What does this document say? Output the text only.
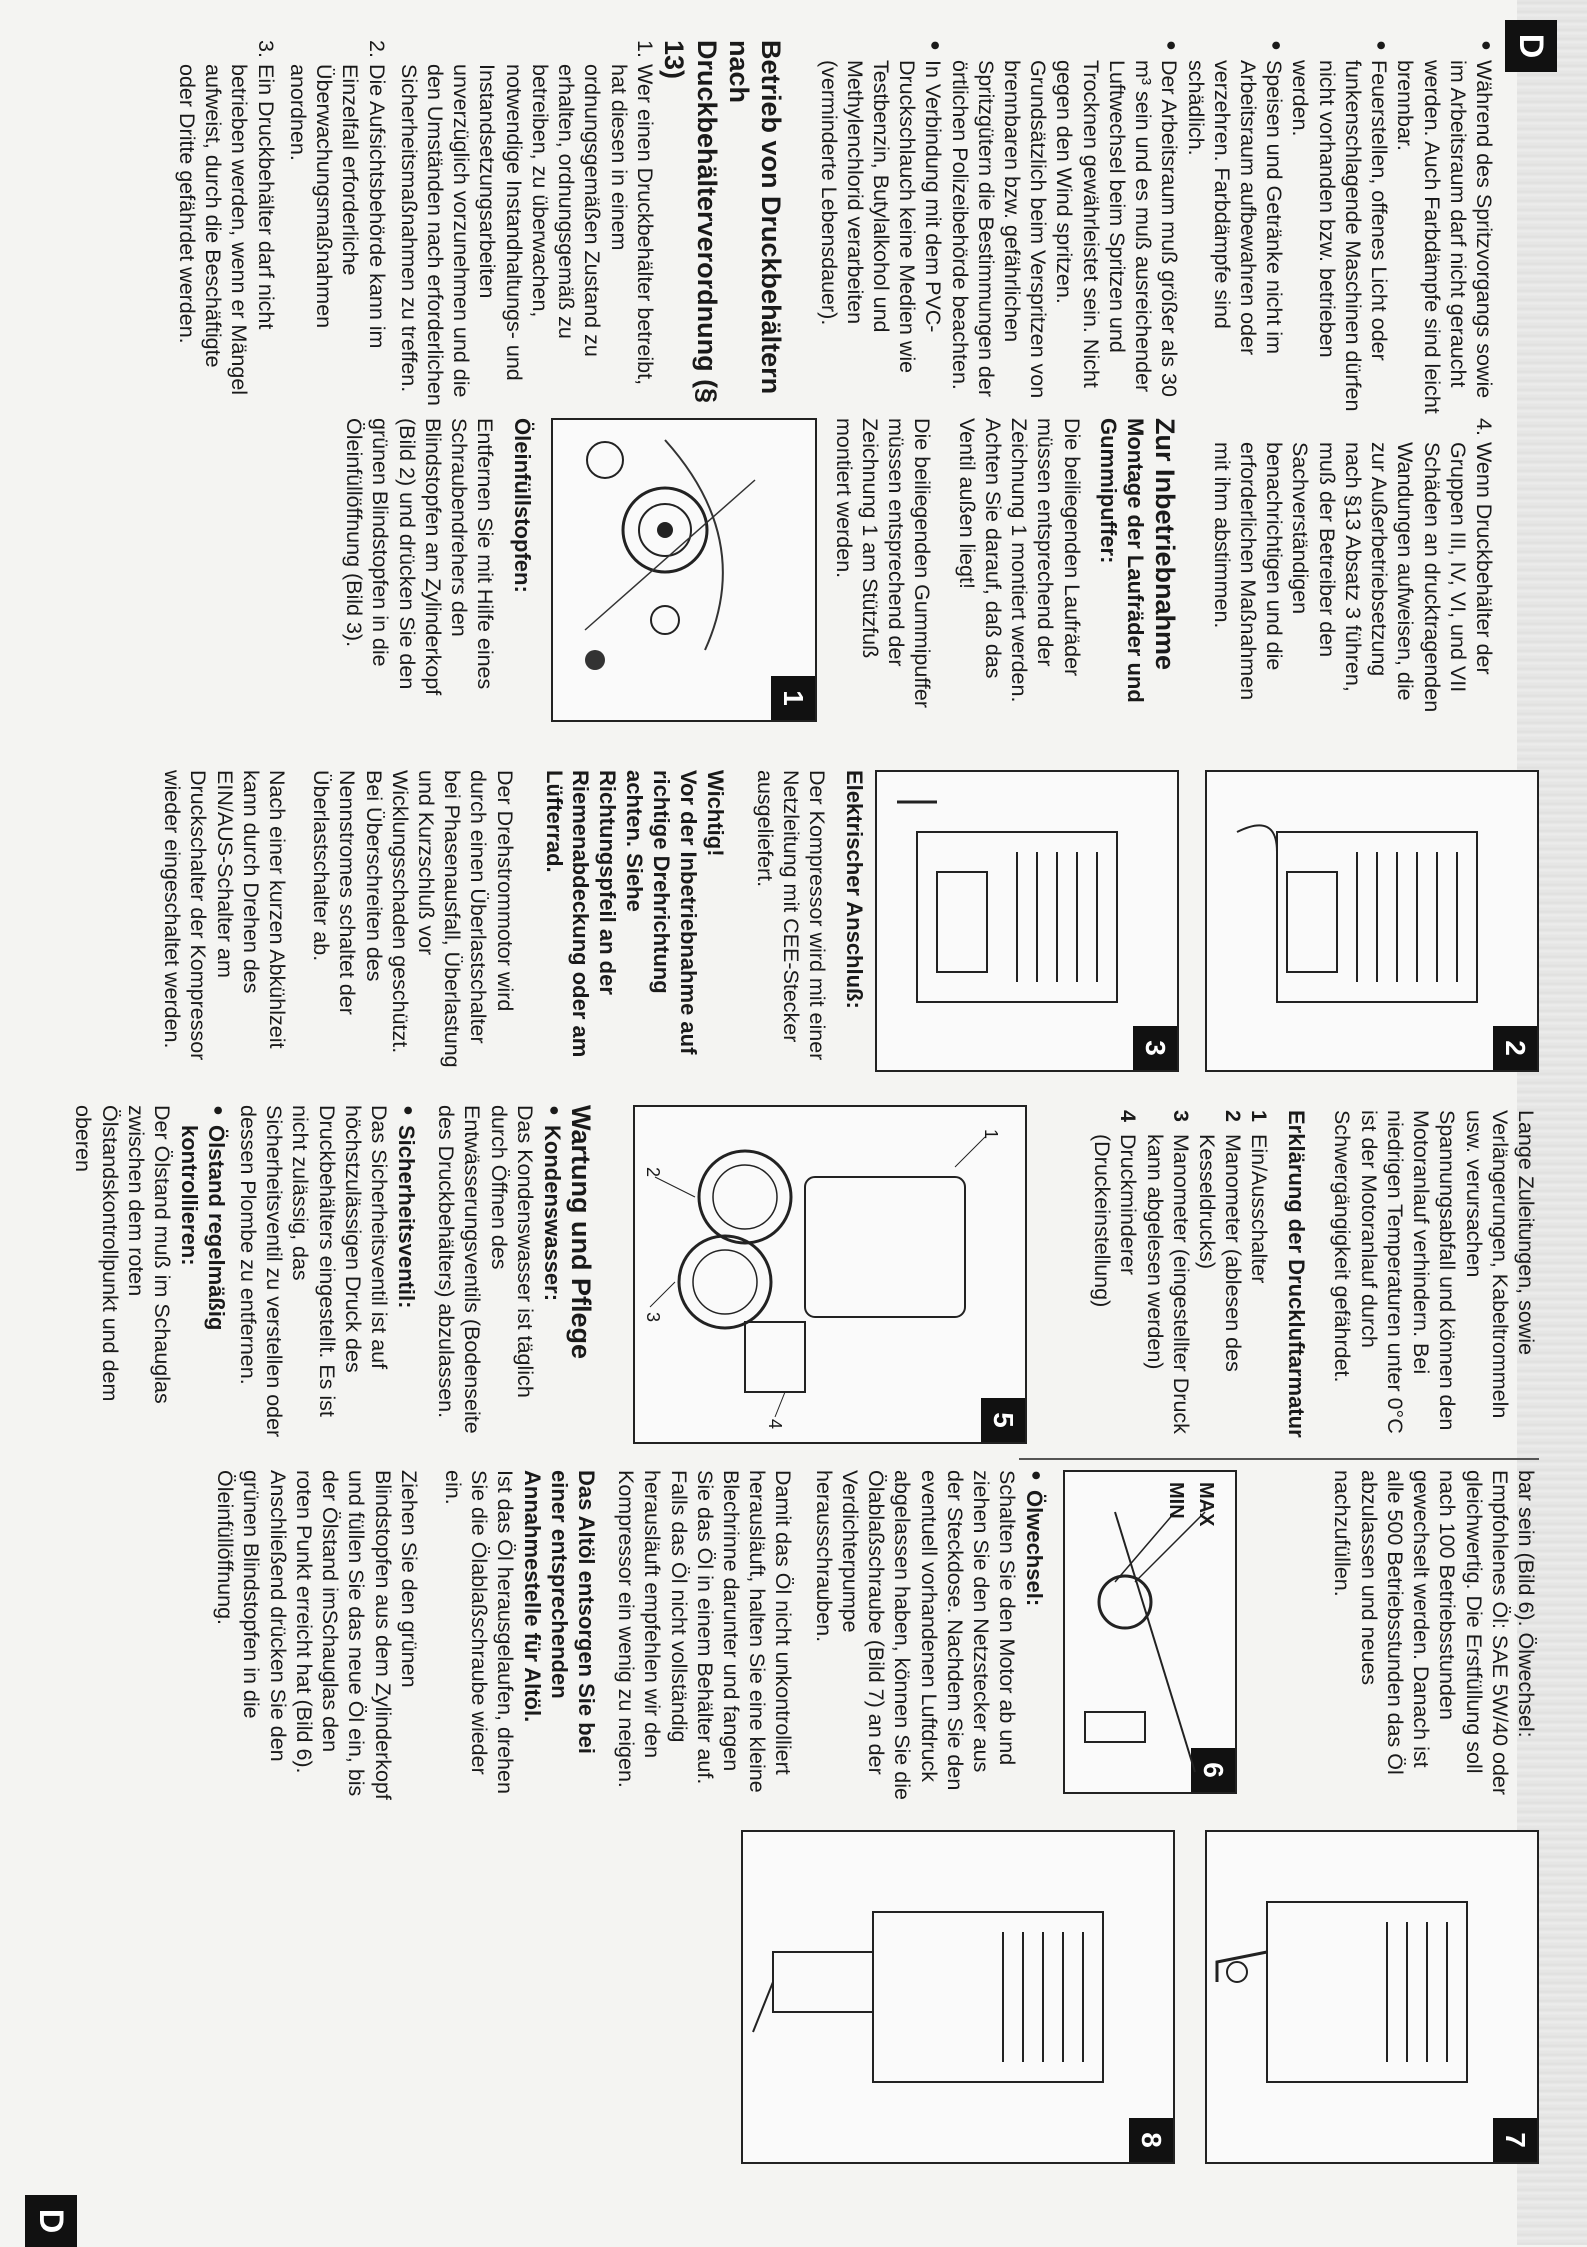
D
D

● Während des Spritzvorgangs sowie im Arbeitsraum darf nicht geraucht werden. Auch Farbdämpfe sind leicht brennbar.

● Feuerstellen, offenes Licht oder funkenschlagende Maschinen dürfen nicht vorhanden bzw. betrieben werden.

● Speisen und Getränke nicht im Arbeitsraum aufbewahren oder verzehren. Farbdämpfe sind schädlich.

● Der Arbeitsraum muß größer als 30 m³ sein und es muß ausreichender Luftwechsel beim Spritzen und Trocknen gewährleistet sein. Nicht gegen den Wind spritzen. Grundsätzlich beim Verspritzen von brennbaren bzw. gefährlichen Spritzgütern die Bestimmungen der örtlichen Polizeibehörde beachten.

● In Verbindung mit dem PVC-Druckschlauch keine Medien wie Testbenzin, Butylalkohol und Methylenchlorid verarbeiten (verminderte Lebensdauer).

Betrieb von Druckbehältern nach Druckbehälterverordnung (§ 13)

1.
Wer einen Druckbehälter betreibt, hat diesen in einem ordnungsgemäßen Zustand zu erhalten, ordnungsgemäß zu betreiben, zu überwachen, notwendige Instandhaltungs- und Instandsetzungsarbeiten unverzüglich vorzunehmen und die den Umständen nach erforderlichen Sicherheitsmaßnahmen zu treffen.

2.
Die Aufsichtsbehörde kann im Einzelfall erforderliche Überwachungsmaßnahmen anordnen.

3.
Ein Druckbehälter darf nicht betrieben werden, wenn er Mängel aufweist, durch die Beschäftigte oder Dritte gefährdet werden.

4.
Wenn Druckbehälter der Gruppen III, IV, VI, und VII Schäden an drucktragenden Wandungen aufweisen, die zur Außerbetriebsetzung nach §13 Absatz 3 führen, muß der Betreiber den Sachverständigen benachrichtigen und die erforderlichen Maßnahmen mit ihm abstimmen.

Zur Inbetriebnahme

Montage der Laufräder und Gummipuffer:

Die beiliegenden Laufräder müssen entsprechend der Zeichnung 1 montiert werden. Achten Sie darauf, daß das Ventil außen liegt!

Die beiliegenden Gummipuffer müssen entsprechend der Zeichnung 1 am Stützfuß montiert werden.

1

Öleinfüllstopfen:

Entfernen Sie mit Hilfe eines Schraubendrehers den Blindstopfen am Zylinderkopf (Bild 2) und drücken Sie den grünen Blindstopfen in die Öleinfüllöffnung (Bild 3).

2
3

Elektrischer Anschluß:

Der Kompressor wird mit einer Netzleitung mit CEE-Stecker ausgeliefert.

Wichtig!

Vor der Inbetriebnahme auf richtige Drehrichtung achten. Siehe Richtungspfeil an der Riemenabdeckung oder am Lüfterrad.

Der Drehstrommotor wird durch einen Überlastschalter bei Phasenausfall, Überlastung und Kurzschluß vor Wicklungsschaden geschützt. Bei Überschreiten des Nennstromes schaltet der Überlastschalter ab.

Nach einer kurzen Abkühlzeit kann durch Drehen des EIN/AUS-Schalter am Druckschalter der Kompressor wieder eingeschaltet werden.

Lange Zuleitungen, sowie Verlängerungen, Kabeltrommeln usw. verursachen Spannungsabfall und können den Motoranlauf verhindern. Bei niedrigen Temperaturen unter 0°C ist der Motoranlauf durch Schwergängigkeit gefährdet.

Erklärung der Druckluftarmatur

1
Ein/Ausschalter

2
Manometer (ablesen des Kesseldrucks)

3
Manometer (eingestellter Druck kann abgelesen werden)

4
Druckminderer (Druckeinstellung)

5
1
2
3
4

Wartung und Pflege

● Kondenswasser:

Das Kondenswasser ist täglich durch Öffnen des Entwässerungsventils (Bodenseite des Druckbehälters) abzulassen.

● Sicherheitsventil:

Das Sicherheitsventil ist auf höchstzulässigen Druck des Druckbehälters eingestellt. Es ist nicht zulässig, das Sicherheitsventil zu verstellen oder dessen Plombe zu entfernen.

● Ölstand regelmäßig kontrollieren:

Der Ölstand muß im Schauglas zwischen dem roten Ölstandskontrollpunkt und dem oberen

bar sein (Bild 6). Ölwechsel: Empfohlenes Öl: SAE 5W/40 oder gleichwertig. Die Erstfüllung soll nach 100 Betriebsstunden gewechselt werden. Danach ist alle 500 Betriebsstunden das Öl abzulassen und neues nachzufüllen.

6
MAX
MIN

● Ölwechsel:

Schalten Sie den Motor ab und ziehen Sie den Netzstecker aus der Steckdose. Nachdem Sie den eventuell vorhandenen Luftdruck abgelassen haben, können Sie die Ölablaßschraube (Bild 7) an der Verdichterpumpe herausschrauben.

Damit das Öl nicht unkontrolliert herausläuft, halten Sie eine kleine Blechrinne darunter und fangen Sie das Öl in einem Behälter auf. Falls das Öl nicht vollständig herausläuft empfehlen wir den Kompressor ein wenig zu neigen.

Das Altöl entsorgen Sie bei einer entsprechenden Annahmestelle für Altöl.

Ist das Öl herausgelaufen, drehen Sie die Ölablaßschraube wieder ein.

Ziehen Sie den grünen Blindstopfen aus dem Zylinderkopf und füllen Sie das neue Öl ein, bis der Ölstand imSchauglas den roten Punkt erreicht hat (Bild 6). Anschließend drücken Sie den grünen Blindstopfen in die Öleinfüllöffnung.

7
8
